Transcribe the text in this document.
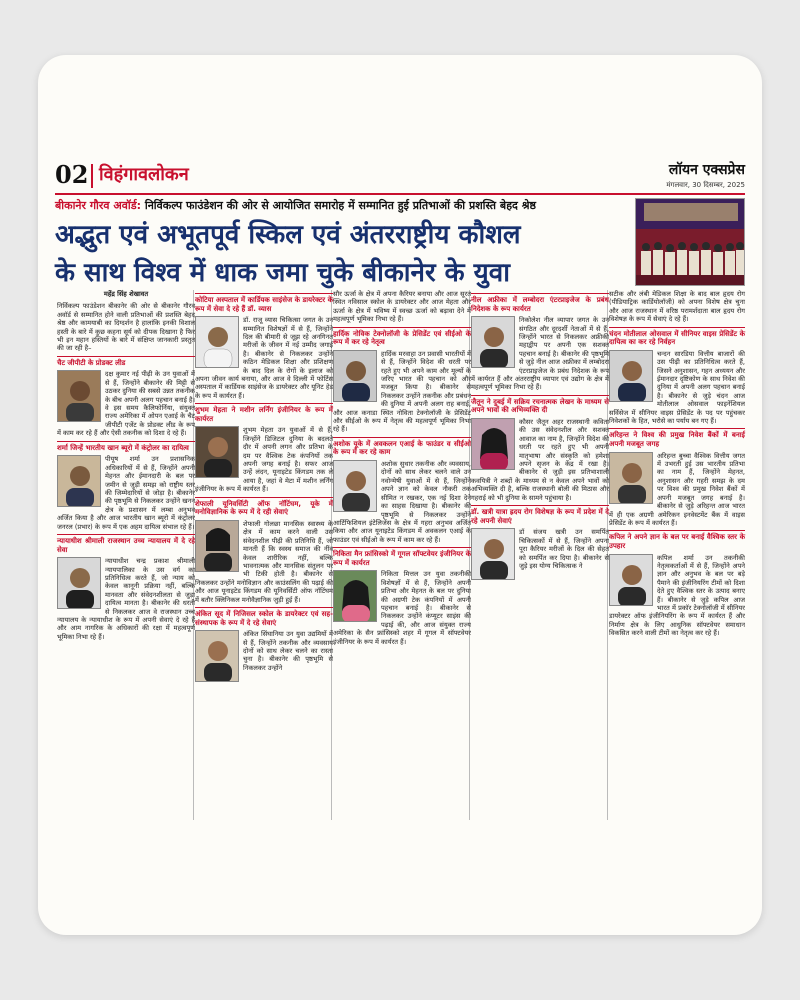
02 विहंगावलोकन	लॉयन एक्सप्रेस
मंगलवार, 30 दिसम्बर, 2025
बीकानेर गौरव अवॉर्ड: निर्विकल्प फाउंडेशन की ओर से आयोजित समारोह में सम्मानित हुई प्रतिभाओं की प्रशस्ति बेहद श्रेष्ठ
अद्भुत एवं अभूतपूर्व स्किल एवं अंतरराष्ट्रीय कौशल
के साथ विश्व में धाक जमा चुके बीकानेर के युवा
महेंद्र सिंह शेखावत
निर्विकल्प फाउंडेशन बीकानेर की ओर से बीकानेर गौरव अवॉर्ड से सम्मानित होने वाली प्रतिभाओं की प्रशस्ति बेहद श्रेष्ठ और कामयाबी का दिग्दर्शन है हालांकि इनकी विशाल हस्ती के बारे में कुछ कहना सूर्य को दीपक दिखाना है फिर भी इन महान हस्तियों के बारे में संक्षिप्त जानकारी प्रस्तुत की जा रही है–
चैट जीपीटी के प्रोडक्ट लीड
दक्ष कुमार नई पीढ़ी के उन युवाओं में से हैं, जिन्होंने बीकानेर की मिट्टी से उठकर दुनिया की सबसे उन्नत तकनीक के बीच अपनी अलग पहचान बनाई है। वे इस समय कैलिफोर्निया, संयुक्त राज्य अमेरिका में ओपन एआई के चैट जीपीटी एजेंट के प्रोडक्ट लीड के रूप में काम कर रहे हैं और ऐसी तकनीक को दिशा दे रहे हैं।
शर्मा जिन्हें भारतीय खान ब्यूरो में कंट्रोलर का दायित्व
पीयूष शर्मा उन प्रशासनिक अधिकारियों में से हैं, जिन्होंने अपनी मेहनत और ईमानदारी के बल पर जमीन से जुड़ी समझ को राष्ट्रीय स्तर की जिम्मेदारियों से जोड़ा है। बीकानेर की पृष्ठभूमि से निकलकर उन्होंने खनन क्षेत्र के प्रशासन में लम्बा अनुभव अर्जित किया है और आज भारतीय खान ब्यूरो में कंट्रोलर जनरल (प्रभार) के रूप में एक अहम दायित्व संभाल रहे हैं।
न्यायाधीश श्रीमाली राजस्थान उच्च न्यायालय में दे रहे सेवा
न्यायाधीश चन्द्र प्रकाश श्रीमाली न्यायपालिका के उस वर्ग का प्रतिनिधित्व करते हैं, जो न्याय को केवल कानूनी प्रक्रिया नहीं, बल्कि मानवता और संवेदनशीलता से जुड़ा दायित्व मानता है। बीकानेर की धरती से निकलकर आज वे राजस्थान उच्च न्यायालय के न्यायाधीश के रूप में अपनी सेवाएं दे रहे हैं और आम नागरिक के अधिकारों की रक्षा में महत्वपूर्ण भूमिका निभा रहे हैं।
कोटिया अस्पताल में कार्डियक साइंसेज के डायरेक्टर के रूप में सेवा दे रहे हैं डॉ. व्यास
डॉ. राजू व्यास चिकित्सा जगत के उन सम्मानित विशेषज्ञों में से हैं, जिन्होंने दिल की बीमारी से जूझ रहे अनगिनत मरीजों के जीवन में नई उम्मीद जगाई है। बीकानेर से निकलकर उन्होंने कठिन मेडिकल शिक्षा और प्रशिक्षण के बाद दिल के रोगों के इलाज को अपना जीवन कार्य बनाया, और आज वे दिल्ली में फोर्टिस अस्पताल में कार्डियक साइंसेज के डायरेक्टर और यूनिट हेड के रूप में कार्यरत हैं।
शुभम मेहता ने मशीन लर्निंग इंजीनियर के रूप में कार्यरत
शुभम मेहता उन युवाओं में से हैं, जिन्होंने डिजिटल दुनिया के बदलते दौर में अपनी लगन और प्रतिभा के दम पर वैश्विक टेक कंपनियों तक अपनी जगह बनाई है। सफर आज उन्हें लंदन, यूनाइटेड किंगडम तक ले आया है, जहां वे मेटा में मशीन लर्निंग इंजीनियर के रूप में कार्यरत हैं।
शेफाली यूनिवर्सिटी ऑफ नॉटिंघम, यूके में मनोविज्ञानिक के रूप में दे रही सेवाएं
शेफाली गोलछा मानसिक स्वास्थ्य के क्षेत्र में काम करने वाली उस संवेदनशील पीढ़ी की प्रतिनिधि हैं, जो मानती हैं कि स्वस्थ समाज की नींव केवल शारीरिक नहीं, बल्कि भावनात्मक और मानसिक संतुलन पर भी टिकी होती है। बीकानेर से निकलकर उन्होंने मनोविज्ञान और काउंसलिंग की पढ़ाई की और आज यूनाइटेड किंगडम की यूनिवर्सिटी ऑफ नॉटिंघम में बतौर क्लिनिकल मनोवैज्ञानिक जुड़ी हुई हैं।
अंकित सूद में निजिसल स्कोल के डायरेक्टर एवं सह-संस्थापक के रूप में दे रहे सेवाएं
अंकित सिंघानिया उन युवा उद्यमियों में से हैं, जिन्होंने तकनीक और व्यवसाय दोनों को साथ लेकर चलने का रास्ता चुना है। बीकानेर की पृष्ठभूमि से निकलकर उन्होंने
सौर ऊर्जा के क्षेत्र में अपना कैरियर बनाया और आज सूरत स्थित नविसाल स्कोल के डायरेक्टर और आज मेहता और ऊर्जा के क्षेत्र में भविष्य में स्वच्छ ऊर्जा को बढ़ावा देने में महत्वपूर्ण भूमिका निभा रहे हैं।
हार्दिक नोविक टेक्नोलॉजी के प्रेसिडेंट एवं सीईओ के रूप में कर रहे नेतृत्व
हार्दिक मरवाहा उन प्रवासी भारतीयों में से हैं, जिन्होंने विदेश की धरती पर रहते हुए भी अपने काम और मूल्यों के जरिए भारत की पहचान को और मजबूत किया है। बीकानेर से निकलकर उन्होंने तकनीक और प्रबंधन की दुनिया में अपनी अलग राह बनाई, और आज कनाडा स्थित नोविता टेक्नोलॉजी के प्रेसिडेंट और सीईओ के रूप में नेतृत्व की महत्वपूर्ण भूमिका निभा रहे हैं।
अशोक यूके में अवकलन एआई के फाउंडर व सीईओ के रूप में कर रहे काम
अशोक सुथार तकनीक और व्यवसाय, दोनों को साथ लेकर चलने वाले उन नवोन्मेषी युवाओं में से हैं, जिन्होंने अपने ज्ञान को केवल नौकरी तक सीमित न रखकर, एक नई दिशा देने का साहस दिखाया है। बीकानेर की पृष्ठभूमि से निकलकर उन्होंने आर्टिफिशियल इंटेलिजेंस के क्षेत्र में गहरा अनुभव अर्जित किया और आज यूनाइटेड किंगडम में अवकलन एआई के फाउंडर एवं सीईओ के रूप में काम कर रहे हैं।
निकिता मैन फ्रांसिस्को में गूगल सॉफ्टवेयर इंजीनियर के रूप में कार्यरत
निकिता मित्तल उन युवा तकनीकी विशेषज्ञों में से हैं, जिन्होंने अपनी प्रतिभा और मेहनत के बल पर दुनिया की अग्रणी टेक कंपनियों में अपनी पहचान बनाई है। बीकानेर से निकलकर उन्होंने कंप्यूटर साइंस की पढ़ाई की, और आज संयुक्त राज्य अमेरिका के सैन फ्रांसिस्को शहर में गूगल में सॉफ्टवेयर इंजीनियर के रूप में कार्यरत हैं।
नील अफ्रीका में लम्बोदरा एंटरप्राइजेज के प्रबंध निदेशक के रूप कार्यरत
निकोलेश नील व्यापार जगत के उन संगठित और दूरदर्शी नेताओं में से हैं, जिन्होंने भारत से निकलकर अफ्रीकी महाद्वीप पर अपनी एक सशक्त पहचान बनाई है। बीकानेर की पृष्ठभूमि से जुड़े नील आज अफ्रीका में लम्बोदरा एंटरप्राइजेज के प्रबंध निदेशक के रूप में कार्यरत हैं और अंतरराष्ट्रीय व्यापार एवं उद्योग के क्षेत्र में महत्वपूर्ण भूमिका निभा रहे हैं।
जैतून ने दुबई में सक्रिय रचनात्मक लेखन के माध्यम से अपने भावों की अभिव्यक्ति दी
कौसर जैतून अहर राजस्थानी कविता की उस संवेदनशील और सशक्त आवाज का नाम है, जिन्होंने विदेश की धरती पर रहते हुए भी अपनी मातृभाषा और संस्कृति को हमेशा अपने सृजन के केंद्र में रखा है। बीकानेर से जुड़ी इस प्रतिभाशाली कवयित्री ने शब्दों के माध्यम से न केवल अपने भावों को अभिव्यक्ति दी है, बल्कि राजस्थानी बोली की मिठास और गहराई को भी दुनिया के सामने पहुंचाया है।
डॉ. खत्री यात्रा ह्रदय रोग विशेषज्ञ के रूप में प्रदेश में दे रहे अपनी सेवाएं
डॉ संजय खत्री उन समर्पित चिकित्सकों में से हैं, जिन्होंने अपना पूरा कैरियर मरीजों के दिल की सेहत को समर्पित कर दिया है। बीकानेर से जुड़े इस योग्य चिकित्सक ने
सटीक और लंबी मेडिकल शिक्षा के बाद बाल हृदय रोग (पीडियाट्रिक कार्डियोलॉजी) को अपना विशेष क्षेत्र चुना और आज राजस्थान में वरिष्ठ परामर्शदाता बाल हृदय रोग विशेषज्ञ के रूप में सेवाएं दे रहे हैं।
चंदन मोतीलाल ओसवाल में सीनियर वाइस प्रेसिडेंट के दायित्व का कर रहे निर्वहन
चन्दन सारडिया वित्तीय बाजारों की उस पीढ़ी का प्रतिनिधित्व करते हैं, जिसने अनुशासन, गहन अध्ययन और ईमानदार दृष्टिकोण के साथ निवेश की दुनिया में अपनी अलग पहचान बनाई है। बीकानेर से जुड़े चंदन आज मोतीलाल ओसवाल फाइनेंशियल सर्विसेज में सीनियर वाइस प्रेसिडेंट के पद पर पहुंचकर निवेशकों के हित, भरोसे का पर्याय बन गए हैं।
अरिहन्त ने विश्व की प्रमुख निवेश बैंकों में बनाई अपनी मजबूत जगह
अरिहन्त बुच्चा वैश्विक वित्तीय जगत में उभरती हुई उस भारतीय प्रतिभा का नाम हैं, जिन्होंने मेहनत, अनुशासन और गहरी समझ के दम पर विश्व की प्रमुख निवेश बैंकों में अपनी मजबूत जगह बनाई है। बीकानेर से जुड़े अरिहन्त आज भारत में ही एक अग्रणी अमेरिकन इनवेस्टमेंट बैंक में वाइस प्रेसिडेंट के रूप में कार्यरत हैं।
कपिल ने अपने ज्ञान के बल पर बनाई वैश्विक स्तर के उपहार
कपिल शर्मा उन तकनीकी नेतृत्वकर्ताओं में से हैं, जिन्होंने अपने ज्ञान और अनुभव के बल पर बड़े पैमाने की इंजीनियरिंग टीमों को दिशा देते हुए वैश्विक स्तर के उत्पाद बनाए हैं। बीकानेर से जुड़े कपिल आज भारत में प्रकॉर टेक्नोलॉजी में सीनियर डायरेक्टर ऑफ इंजीनियरिंग के रूप में कार्यरत हैं और निर्माण क्षेत्र के लिए आधुनिक सॉफ्टवेयर समाधान विकसित करने वाली टीमों का नेतृत्व कर रहे हैं।
